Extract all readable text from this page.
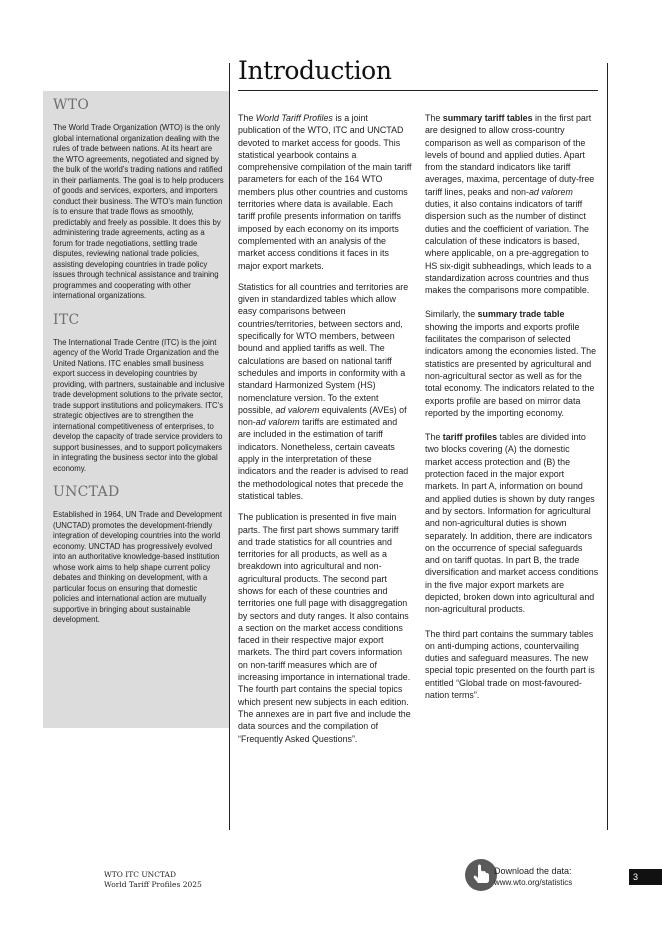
WTO

The World Trade Organization (WTO) is the only global international organization dealing with the rules of trade between nations. At its heart are the WTO agreements, negotiated and signed by the bulk of the world’s trading nations and ratified in their parliaments. The goal is to help producers of goods and services, exporters, and importers conduct their business. The WTO’s main function is to ensure that trade flows as smoothly, predictably and freely as possible. It does this by administering trade agreements, acting as a forum for trade negotiations, settling trade disputes, reviewing national trade policies, assisting developing countries in trade policy issues through technical assistance and training programmes and cooperating with other international organizations.

ITC

The International Trade Centre (ITC) is the joint agency of the World Trade Organization and the United Nations. ITC enables small business export success in developing countries by providing, with partners, sustainable and inclusive trade development solutions to the private sector, trade support institutions and policymakers. ITC’s strategic objectives are to strengthen the international competitiveness of enterprises, to develop the capacity of trade service providers to support businesses, and to support policymakers in integrating the business sector into the global economy.

UNCTAD

Established in 1964, UN Trade and Development (UNCTAD) promotes the development-friendly integration of developing countries into the world economy. UNCTAD has progressively evolved into an authoritative knowledge-based institution whose work aims to help shape current policy debates and thinking on development, with a particular focus on ensuring that domestic policies and international action are mutually supportive in bringing about sustainable development.

Introduction

The World Tariff Profiles is a joint publication of the WTO, ITC and UNCTAD devoted to market access for goods. This statistical yearbook contains a comprehensive compilation of the main tariff parameters for each of the 164 WTO members plus other countries and customs territories where data is available. Each tariff profile presents information on tariffs imposed by each economy on its imports complemented with an analysis of the market access conditions it faces in its major export markets.

Statistics for all countries and territories are given in standardized tables which allow easy comparisons between countries/territories, between sectors and, specifically for WTO members, between bound and applied tariffs as well. The calculations are based on national tariff schedules and imports in conformity with a standard Harmonized System (HS) nomenclature version. To the extent possible, ad valorem equivalents (AVEs) of non-ad valorem tariffs are estimated and are included in the estimation of tariff indicators. Nonetheless, certain caveats apply in the interpretation of these indicators and the reader is advised to read the methodological notes that precede the statistical tables.

The publication is presented in five main parts. The first part shows summary tariff and trade statistics for all countries and territories for all products, as well as a breakdown into agricultural and non-agricultural products. The second part shows for each of these countries and territories one full page with disaggregation by sectors and duty ranges. It also contains a section on the market access conditions faced in their respective major export markets. The third part covers information on non-tariff measures which are of increasing importance in international trade. The fourth part contains the special topics which present new subjects in each edition. The annexes are in part five and include the data sources and the compilation of “Frequently Asked Questions”.

The summary tariff tables in the first part are designed to allow cross-country comparison as well as comparison of the levels of bound and applied duties. Apart from the standard indicators like tariff averages, maxima, percentage of duty-free tariff lines, peaks and non-ad valorem duties, it also contains indicators of tariff dispersion such as the number of distinct duties and the coefficient of variation. The calculation of these indicators is based, where applicable, on a pre-aggregation to HS six-digit subheadings, which leads to a standardization across countries and thus makes the comparisons more compatible.

Similarly, the summary trade table showing the imports and exports profile facilitates the comparison of selected indicators among the economies listed. The statistics are presented by agricultural and non-agricultural sector as well as for the total economy. The indicators related to the exports profile are based on mirror data reported by the importing economy.

The tariff profiles tables are divided into two blocks covering (A) the domestic market access protection and (B) the protection faced in the major export markets. In part A, information on bound and applied duties is shown by duty ranges and by sectors. Information for agricultural and non-agricultural duties is shown separately. In addition, there are indicators on the occurrence of special safeguards and on tariff quotas. In part B, the trade diversification and market access conditions in the five major export markets are depicted, broken down into agricultural and non-agricultural products.

The third part contains the summary tables on anti-dumping actions, countervailing duties and safeguard measures. The new special topic presented on the fourth part is entitled “Global trade on most-favoured-nation terms”.

WTO ITC UNCTAD
World Tariff Profiles 2025
Download the data:
www.wto.org/statistics
3
